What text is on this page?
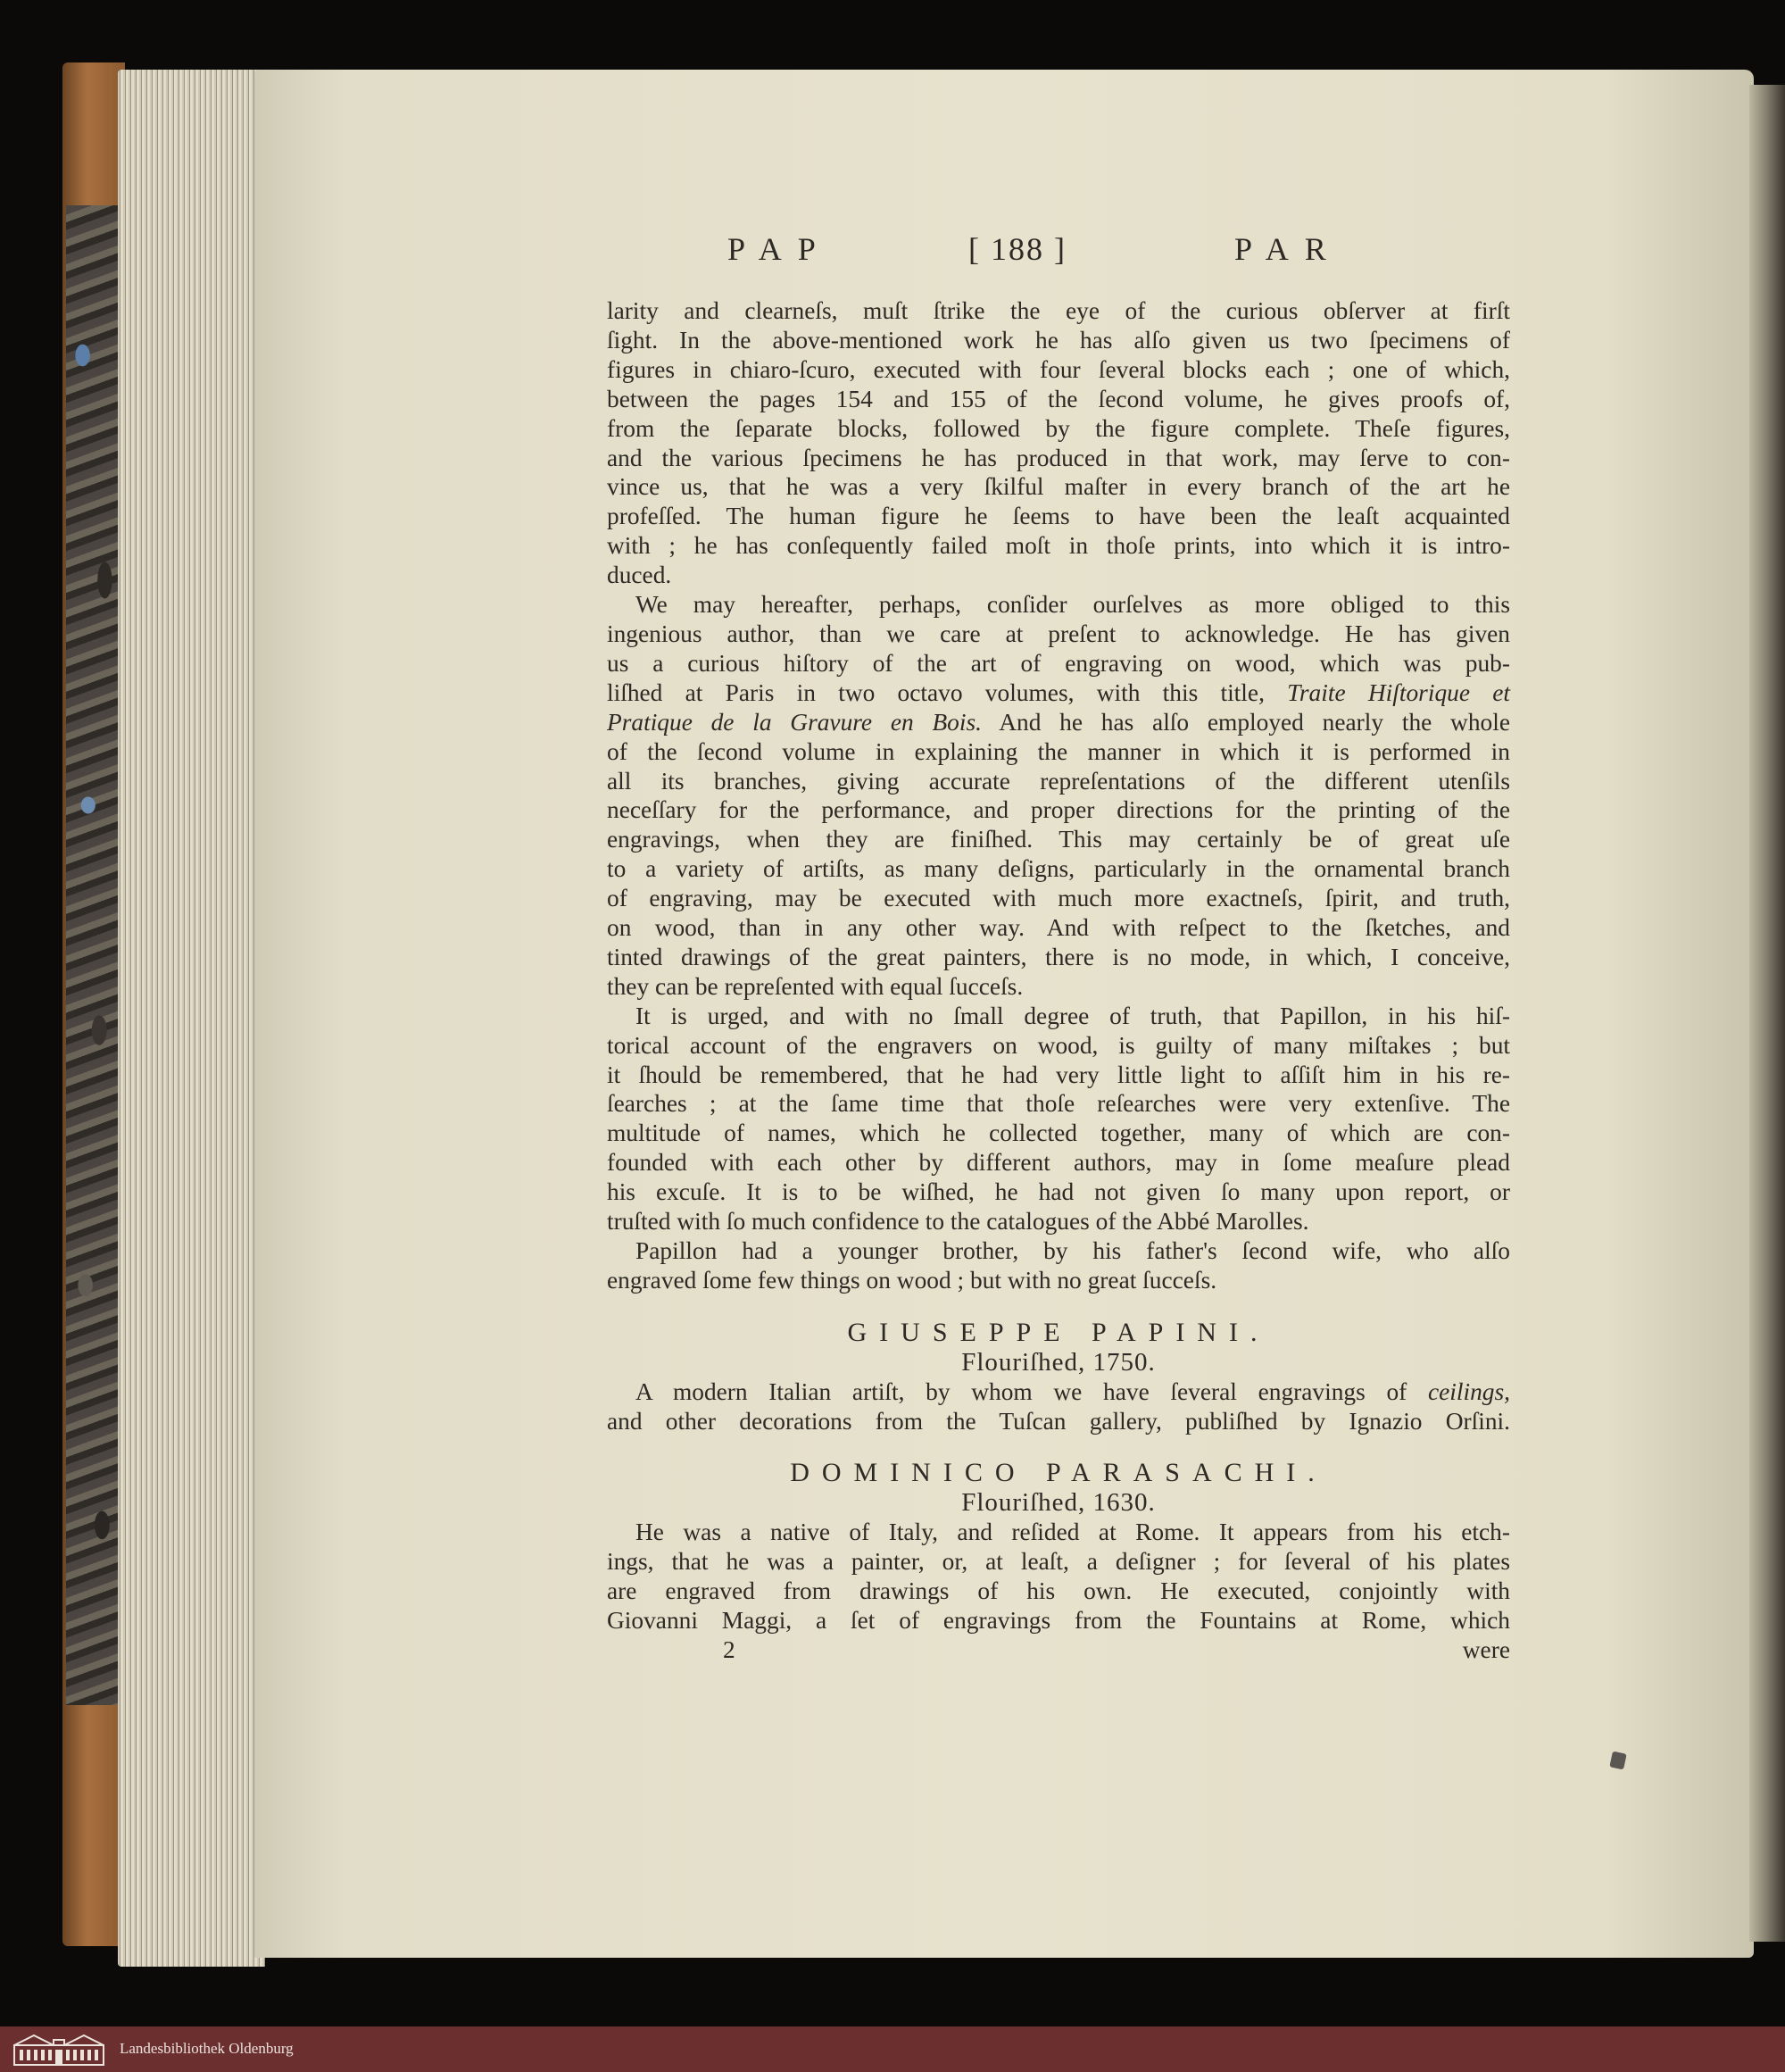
PAP	[ 188 ]	PAR
larity and clearneſs, muſt ſtrike the eye of the curious obſerver at firſt
ſight. In the above-mentioned work he has alſo given us two ſpecimens of
figures in chiaro-ſcuro, executed with four ſeveral blocks each ; one of which,
between the pages 154 and 155 of the ſecond volume, he gives proofs of,
from the ſeparate blocks, followed by the figure complete. Theſe figures,
and the various ſpecimens he has produced in that work, may ſerve to con-
vince us, that he was a very ſkilful maſter in every branch of the art he
profeſſed. The human figure he ſeems to have been the leaſt acquainted
with ; he has conſequently failed moſt in thoſe prints, into which it is intro-
duced.
We may hereafter, perhaps, conſider ourſelves as more obliged to this
ingenious author, than we care at preſent to acknowledge. He has given
us a curious hiſtory of the art of engraving on wood, which was pub-
liſhed at Paris in two octavo volumes, with this title, Traite Hiſtorique et
Pratique de la Gravure en Bois. And he has alſo employed nearly the whole
of the ſecond volume in explaining the manner in which it is performed in
all its branches, giving accurate repreſentations of the different utenſils
neceſſary for the performance, and proper directions for the printing of the
engravings, when they are finiſhed. This may certainly be of great uſe
to a variety of artiſts, as many deſigns, particularly in the ornamental branch
of engraving, may be executed with much more exactneſs, ſpirit, and truth,
on wood, than in any other way. And with reſpect to the ſketches, and
tinted drawings of the great painters, there is no mode, in which, I conceive,
they can be repreſented with equal ſucceſs.
It is urged, and with no ſmall degree of truth, that Papillon, in his hiſ-
torical account of the engravers on wood, is guilty of many miſtakes ; but
it ſhould be remembered, that he had very little light to aſſiſt him in his re-
ſearches ; at the ſame time that thoſe reſearches were very extenſive. The
multitude of names, which he collected together, many of which are con-
founded with each other by different authors, may in ſome meaſure plead
his excuſe. It is to be wiſhed, he had not given ſo many upon report, or
truſted with ſo much confidence to the catalogues of the Abbé Marolles.
Papillon had a younger brother, by his father's ſecond wife, who alſo
engraved ſome few things on wood ; but with no great ſucceſs.
GIUSEPPE PAPINI.
Flouriſhed, 1750.
A modern Italian artiſt, by whom we have ſeveral engravings of ceilings,
and other decorations from the Tuſcan gallery, publiſhed by Ignazio Orſini.
DOMINICO PARASACHI.
Flouriſhed, 1630.
He was a native of Italy, and reſided at Rome. It appears from his etch-
ings, that he was a painter, or, at leaſt, a deſigner ; for ſeveral of his plates
are engraved from drawings of his own. He executed, conjointly with
Giovanni Maggi, a ſet of engravings from the Fountains at Rome, which
2	were
Landesbibliothek Oldenburg
